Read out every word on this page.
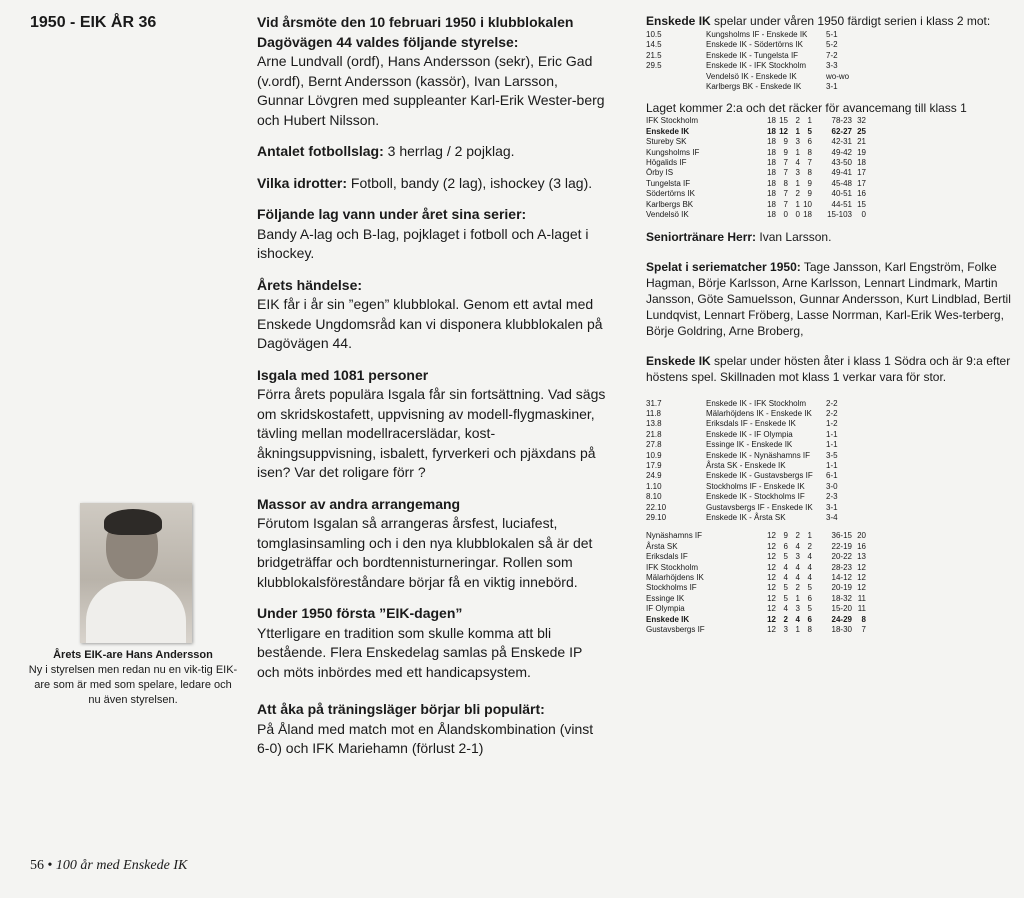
1950 - EIK ÅR 36
Årets EIK-are Hans Andersson
Ny i styrelsen men redan nu en vik-tig EIK-are som är med som spelare, ledare och nu även styrelsen.
56 • 100 år med Enskede IK
Vid årsmöte den 10 februari 1950 i klubblokalen Dagövägen 44 valdes följande styrelse:
Arne Lundvall (ordf), Hans Andersson (sekr), Eric Gad (v.ordf), Bernt Andersson (kassör), Ivan Larsson, Gunnar Lövgren med suppleanter Karl-Erik Wester-berg och Hubert Nilsson.
Antalet fotbollslag: 3 herrlag / 2 pojklag.
Vilka idrotter: Fotboll, bandy (2 lag), ishockey (3 lag).
Följande lag vann under året sina serier:
Bandy A-lag och B-lag, pojklaget i fotboll och A-laget i ishockey.
Årets händelse:
EIK får i år sin ”egen” klubblokal. Genom ett avtal med Enskede Ungdomsråd kan vi disponera klubblokalen på Dagövägen 44.
Isgala med 1081 personer
Förra årets populära Isgala får sin fortsättning. Vad sägs om skridskostafett, uppvisning av modell-flygmaskiner, tävling mellan modellracerslädar, kost-åkningsuppvisning, isbalett, fyrverkeri och pjäxdans på isen? Var det roligare förr ?
Massor av andra arrangemang
Förutom Isgalan så arrangeras årsfest, luciafest, tomglasinsamling och i den nya klubblokalen så är det bridgeträffar och bordtennisturneringar. Rollen som klubblokalsföreståndare börjar få en viktig innebörd.
Under 1950 första ”EIK-dagen”
Ytterligare en tradition som skulle komma att bli bestående. Flera Enskedelag samlas på Enskede IP och möts inbördes med ett handicapsystem.
Att åka på träningsläger börjar bli populärt:
På Åland med match mot en Ålandskombination (vinst 6-0) och IFK Mariehamn (förlust 2-1)

Enskede IK spelar under våren 1950 färdigt serien i klass 2 mot:

10.5	Kungsholms IF - Enskede IK	5-1
14.5	Enskede IK - Södertörns IK	5-2
21.5	Enskede IK - Tungelsta IF	7-2
29.5	Enskede IK - IFK Stockholm	3-3
	Vendelsö IK - Enskede IK	wo-wo
	Karlbergs BK - Enskede IK	3-1

Laget kommer 2:a och det räcker för avancemang till klass 1

IFK Stockholm	18	15	2	1	78-23	32
Enskede IK	18	12	1	5	62-27	25
Stureby SK	18	9	3	6	42-31	21
Kungsholms IF	18	9	1	8	49-42	19
Högalids IF	18	7	4	7	43-50	18
Örby IS	18	7	3	8	49-41	17
Tungelsta IF	18	8	1	9	45-48	17
Södertörns IK	18	7	2	9	40-51	16
Karlbergs BK	18	7	1	10	44-51	15
Vendelsö IK	18	0	0	18	15-103	0

Seniortränare Herr: Ivan Larsson.

Spelat i seriematcher 1950: Tage Jansson, Karl Engström, Folke Hagman, Börje Karlsson, Arne Karlsson, Lennart Lindmark, Martin Jansson, Göte Samuelsson, Gunnar Andersson, Kurt Lindblad, Bertil Lundqvist, Lennart Fröberg, Lasse Norrman, Karl-Erik Wes-terberg, Börje Goldring, Arne Broberg,

Enskede IK spelar under hösten åter i klass 1 Södra och är 9:a efter höstens spel. Skillnaden mot klass 1 verkar vara för stor.

31.7	Enskede IK - IFK Stockholm	2-2
11.8	Mälarhöjdens IK - Enskede IK	2-2
13.8	Eriksdals IF - Enskede IK	1-2
21.8	Enskede IK - IF Olympia	1-1
27.8	Essinge IK - Enskede IK	1-1
10.9	Enskede IK - Nynäshamns IF	3-5
17.9	Årsta SK - Enskede IK	1-1
24.9	Enskede IK - Gustavsbergs IF	6-1
1.10	Stockholms IF - Enskede IK	3-0
8.10	Enskede IK - Stockholms IF	2-3
22.10	Gustavsbergs IF - Enskede IK	3-1
29.10	Enskede IK - Årsta SK	3-4
Nynäshamns IF	12	9	2	1	36-15	20
Årsta SK	12	6	4	2	22-19	16
Eriksdals IF	12	5	3	4	20-22	13
IFK Stockholm	12	4	4	4	28-23	12
Mälarhöjdens IK	12	4	4	4	14-12	12
Stockholms IF	12	5	2	5	20-19	12
Essinge IK	12	5	1	6	18-32	11
IF Olympia	12	4	3	5	15-20	11
Enskede IK	12	2	4	6	24-29	8
Gustavsbergs IF	12	3	1	8	18-30	7
